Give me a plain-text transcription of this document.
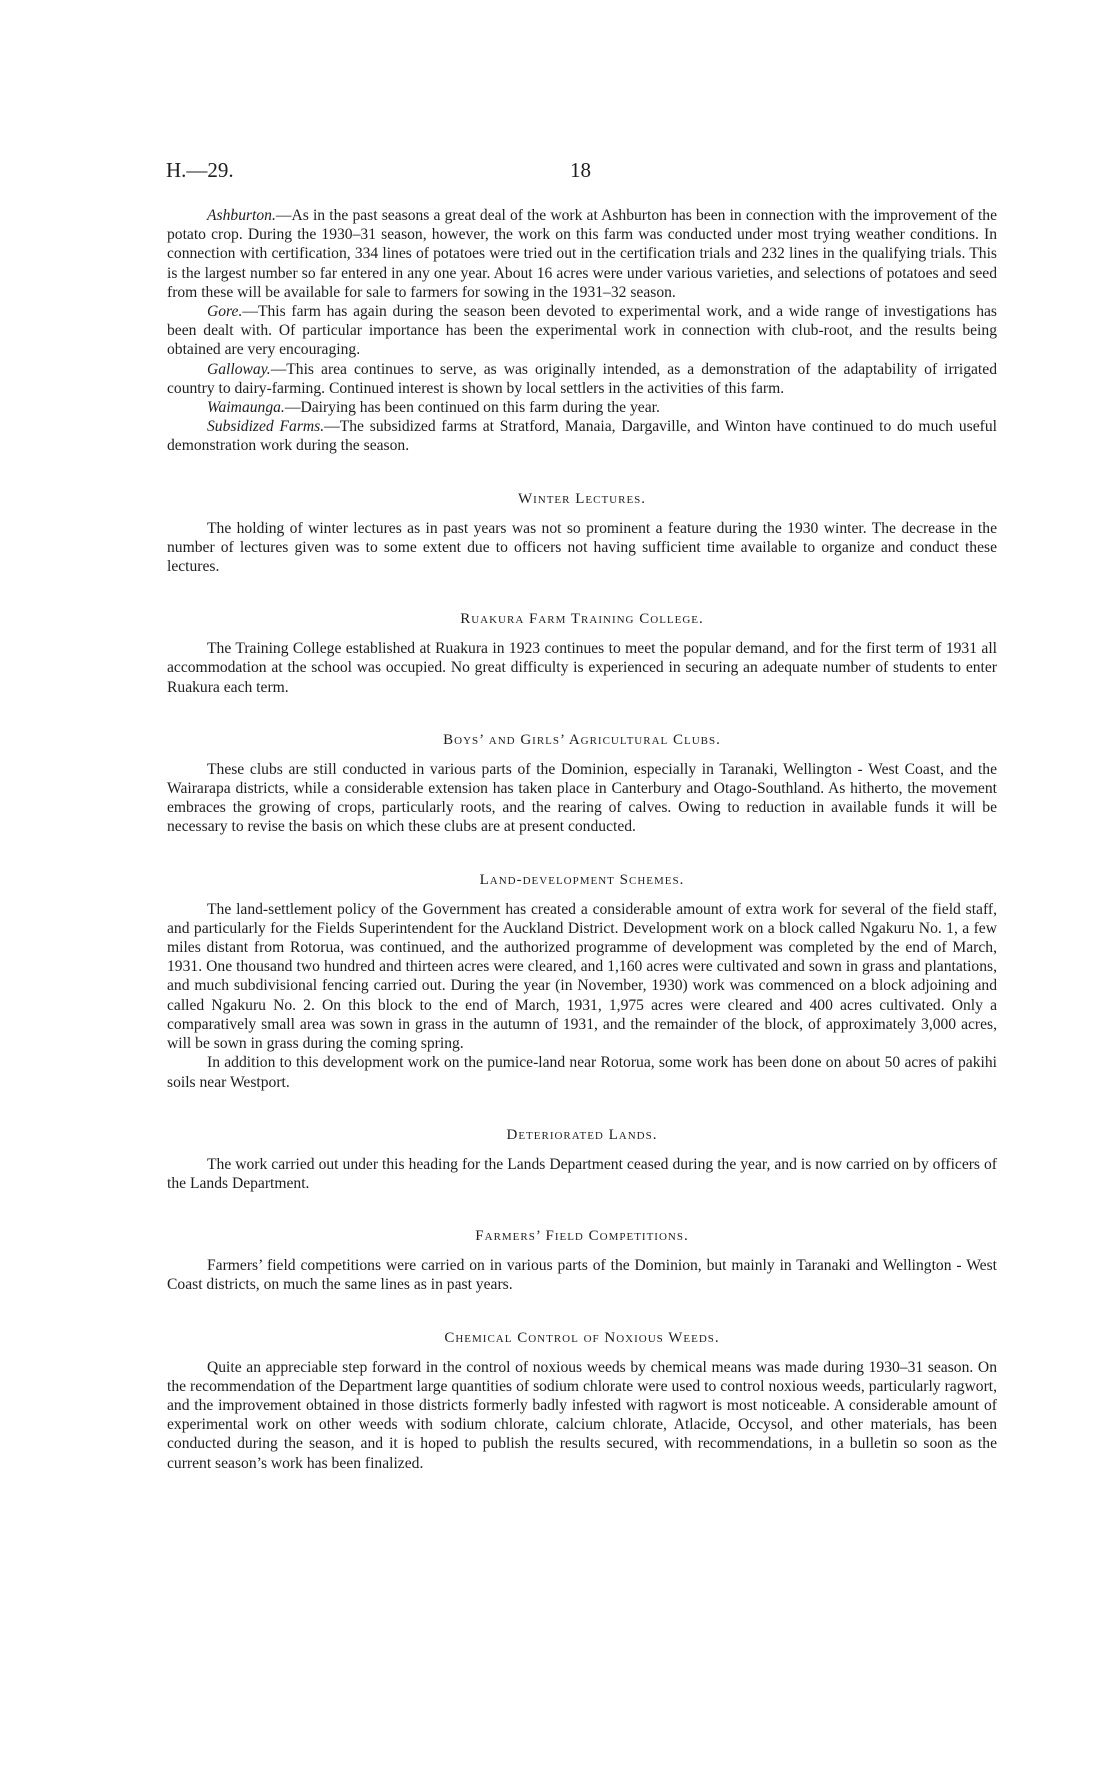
H.—29.	18

Ashburton.—As in the past seasons a great deal of the work at Ashburton has been in connection with the improvement of the potato crop. During the 1930–31 season, however, the work on this farm was conducted under most trying weather conditions. In connection with certification, 334 lines of potatoes were tried out in the certification trials and 232 lines in the qualifying trials. This is the largest number so far entered in any one year. About 16 acres were under various varieties, and selections of potatoes and seed from these will be available for sale to farmers for sowing in the 1931–32 season.

Gore.—This farm has again during the season been devoted to experimental work, and a wide range of investigations has been dealt with. Of particular importance has been the experimental work in connection with club-root, and the results being obtained are very encouraging.

Galloway.—This area continues to serve, as was originally intended, as a demonstration of the adaptability of irrigated country to dairy-farming. Continued interest is shown by local settlers in the activities of this farm.

Waimaunga.—Dairying has been continued on this farm during the year.

Subsidized Farms.—The subsidized farms at Stratford, Manaia, Dargaville, and Winton have continued to do much useful demonstration work during the season.

Winter Lectures.

The holding of winter lectures as in past years was not so prominent a feature during the 1930 winter. The decrease in the number of lectures given was to some extent due to officers not having sufficient time available to organize and conduct these lectures.

Ruakura Farm Training College.

The Training College established at Ruakura in 1923 continues to meet the popular demand, and for the first term of 1931 all accommodation at the school was occupied. No great difficulty is experienced in securing an adequate number of students to enter Ruakura each term.

Boys’ and Girls’ Agricultural Clubs.

These clubs are still conducted in various parts of the Dominion, especially in Taranaki, Wellington - West Coast, and the Wairarapa districts, while a considerable extension has taken place in Canterbury and Otago-Southland. As hitherto, the movement embraces the growing of crops, particularly roots, and the rearing of calves. Owing to reduction in available funds it will be necessary to revise the basis on which these clubs are at present conducted.

Land-development Schemes.

The land-settlement policy of the Government has created a considerable amount of extra work for several of the field staff, and particularly for the Fields Superintendent for the Auckland District. Development work on a block called Ngakuru No. 1, a few miles distant from Rotorua, was continued, and the authorized programme of development was completed by the end of March, 1931. One thousand two hundred and thirteen acres were cleared, and 1,160 acres were cultivated and sown in grass and plantations, and much subdivisional fencing carried out. During the year (in November, 1930) work was commenced on a block adjoining and called Ngakuru No. 2. On this block to the end of March, 1931, 1,975 acres were cleared and 400 acres cultivated. Only a comparatively small area was sown in grass in the autumn of 1931, and the remainder of the block, of approximately 3,000 acres, will be sown in grass during the coming spring.

In addition to this development work on the pumice-land near Rotorua, some work has been done on about 50 acres of pakihi soils near Westport.

Deteriorated Lands.

The work carried out under this heading for the Lands Department ceased during the year, and is now carried on by officers of the Lands Department.

Farmers’ Field Competitions.

Farmers’ field competitions were carried on in various parts of the Dominion, but mainly in Taranaki and Wellington - West Coast districts, on much the same lines as in past years.

Chemical Control of Noxious Weeds.

Quite an appreciable step forward in the control of noxious weeds by chemical means was made during 1930–31 season. On the recommendation of the Department large quantities of sodium chlorate were used to control noxious weeds, particularly ragwort, and the improvement obtained in those districts formerly badly infested with ragwort is most noticeable. A considerable amount of experimental work on other weeds with sodium chlorate, calcium chlorate, Atlacide, Occysol, and other materials, has been conducted during the season, and it is hoped to publish the results secured, with recommendations, in a bulletin so soon as the current season’s work has been finalized.
